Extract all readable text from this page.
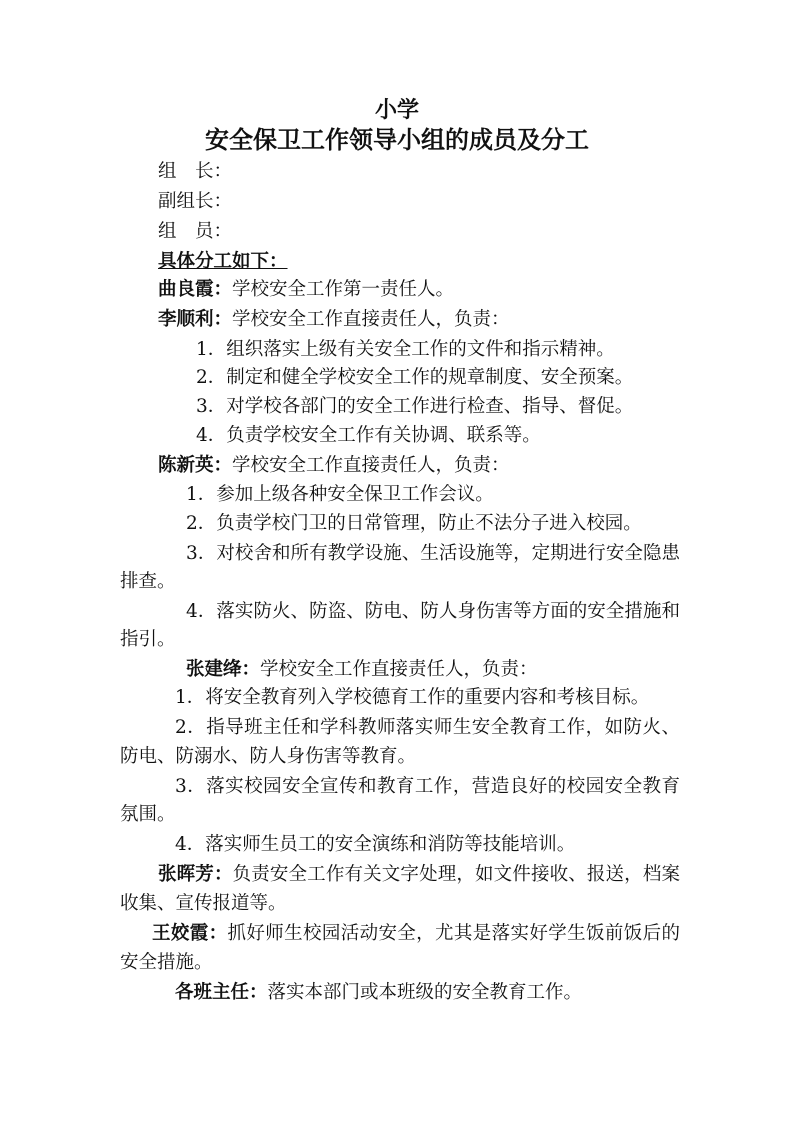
小学
安全保卫工作领导小组的成员及分工
组　长：
副组长：
组　员：
具体分工如下：
曲良霞：学校安全工作第一责任人。
李顺利：学校安全工作直接责任人，负责：
1．组织落实上级有关安全工作的文件和指示精神。
2．制定和健全学校安全工作的规章制度、安全预案。
3．对学校各部门的安全工作进行检查、指导、督促。
4．负责学校安全工作有关协调、联系等。
陈新英：学校安全工作直接责任人，负责：
1．参加上级各种安全保卫工作会议。
2．负责学校门卫的日常管理，防止不法分子进入校园。
3．对校舍和所有教学设施、生活设施等，定期进行安全隐患
排查。
4．落实防火、防盗、防电、防人身伤害等方面的安全措施和
指引。
张建绛：学校安全工作直接责任人，负责：
1．将安全教育列入学校德育工作的重要内容和考核目标。
2．指导班主任和学科教师落实师生安全教育工作，如防火、
防电、防溺水、防人身伤害等教育。
3．落实校园安全宣传和教育工作，营造良好的校园安全教育
氛围。
4．落实师生员工的安全演练和消防等技能培训。
张晖芳：负责安全工作有关文字处理，如文件接收、报送，档案
收集、宣传报道等。
王姣霞：抓好师生校园活动安全，尤其是落实好学生饭前饭后的
安全措施。
各班主任：落实本部门或本班级的安全教育工作。
